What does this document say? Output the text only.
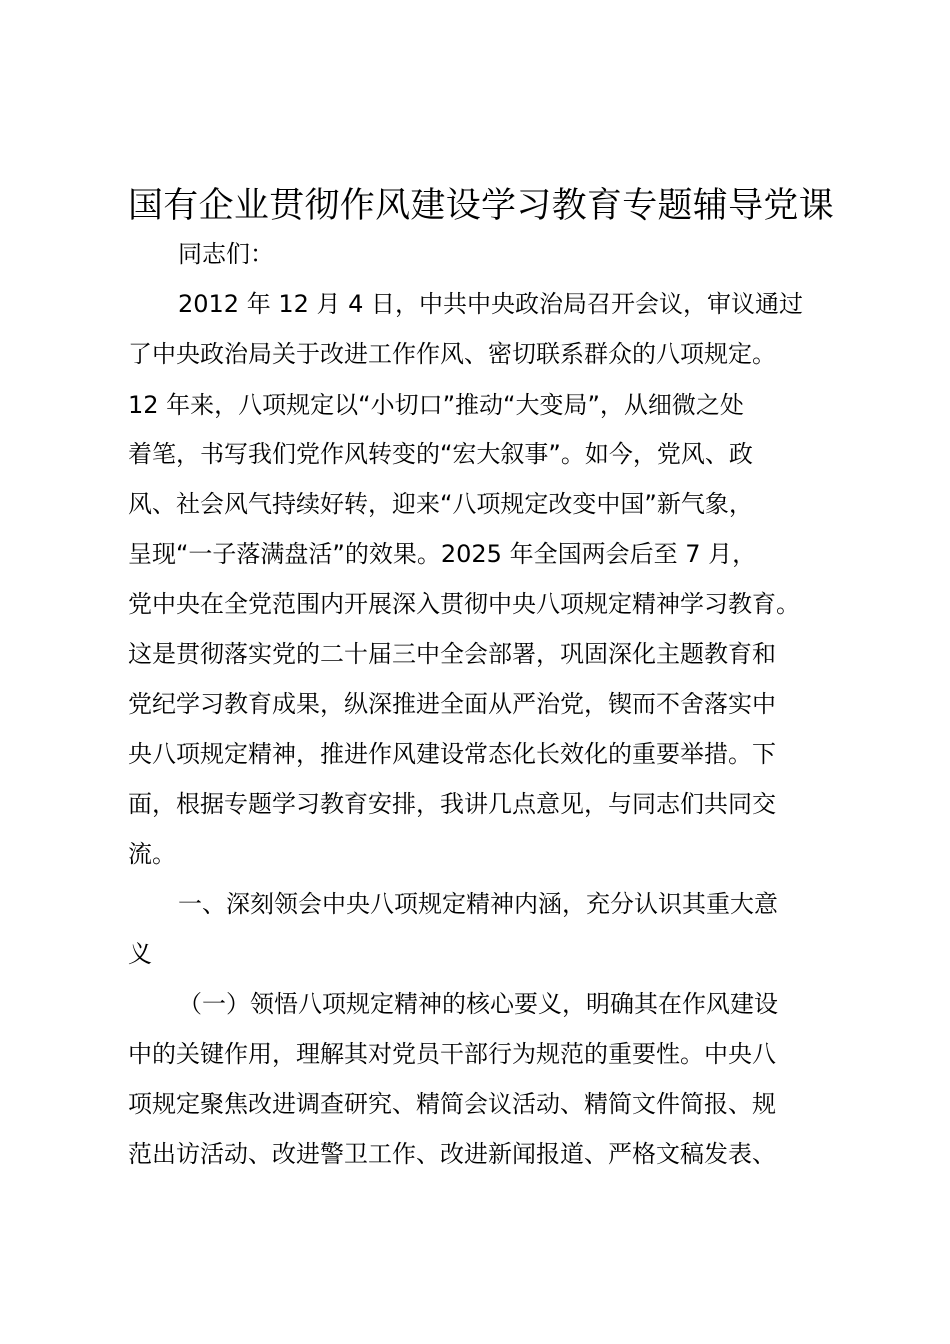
国有企业贯彻作风建设学习教育专题辅导党课
同志们：
2012 年 12 月 4 日，中共中央政治局召开会议，审议通过
了中央政治局关于改进工作作风、密切联系群众的八项规定。
12 年来，八项规定以“小切口”推动“大变局”，从细微之处
着笔，书写我们党作风转变的“宏大叙事”。如今，党风、政
风、社会风气持续好转，迎来“八项规定改变中国”新气象，
呈现“一子落满盘活”的效果。2025 年全国两会后至 7 月，
党中央在全党范围内开展深入贯彻中央八项规定精神学习教育。
这是贯彻落实党的二十届三中全会部署，巩固深化主题教育和
党纪学习教育成果，纵深推进全面从严治党，锲而不舍落实中
央八项规定精神，推进作风建设常态化长效化的重要举措。下
面，根据专题学习教育安排，我讲几点意见，与同志们共同交
流。
一、深刻领会中央八项规定精神内涵，充分认识其重大意
义
（一）领悟八项规定精神的核心要义，明确其在作风建设
中的关键作用，理解其对党员干部行为规范的重要性。中央八
项规定聚焦改进调查研究、精简会议活动、精简文件简报、规
范出访活动、改进警卫工作、改进新闻报道、严格文稿发表、
